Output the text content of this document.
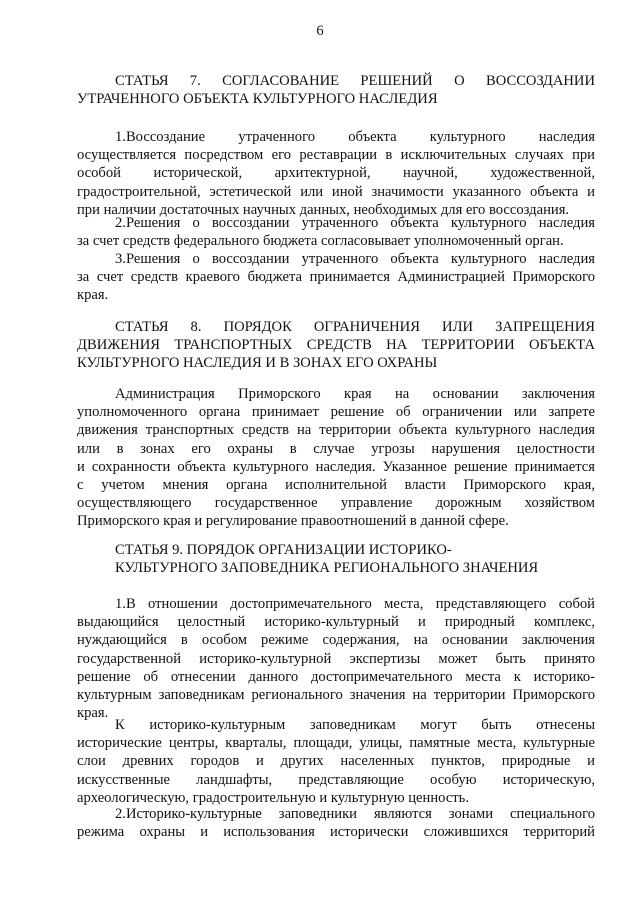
6
СТАТЬЯ 7. СОГЛАСОВАНИЕ РЕШЕНИЙ О ВОССОЗДАНИИ
УТРАЧЕННОГО ОБЪЕКТА КУЛЬТУРНОГО НАСЛЕДИЯ
1.Воссоздание утраченного объекта культурного наследия
осуществляется посредством его реставрации в исключительных случаях при
особой исторической, архитектурной, научной, художественной,
градостроительной, эстетической или иной значимости указанного объекта и
при наличии достаточных научных данных, необходимых для его воссоздания.
2.Решения о воссоздании утраченного объекта культурного наследия
за счет средств федерального бюджета согласовывает уполномоченный орган.
3.Решения о воссоздании утраченного объекта культурного наследия
за счет средств краевого бюджета принимается Администрацией Приморского
края.
СТАТЬЯ 8. ПОРЯДОК ОГРАНИЧЕНИЯ ИЛИ ЗАПРЕЩЕНИЯ
ДВИЖЕНИЯ ТРАНСПОРТНЫХ СРЕДСТВ НА ТЕРРИТОРИИ ОБЪЕКТА
КУЛЬТУРНОГО НАСЛЕДИЯ И В ЗОНАХ ЕГО ОХРАНЫ
Администрация Приморского края на основании заключения
уполномоченного органа принимает решение об ограничении или запрете
движения транспортных средств на территории объекта культурного наследия
или в зонах его охраны в случае угрозы нарушения целостности
и сохранности объекта культурного наследия. Указанное решение принимается
с учетом мнения органа исполнительной власти Приморского края,
осуществляющего государственное управление дорожным хозяйством
Приморского края и регулирование правоотношений в данной сфере.
СТАТЬЯ 9. ПОРЯДОК ОРГАНИЗАЦИИ ИСТОРИКО-
КУЛЬТУРНОГО ЗАПОВЕДНИКА РЕГИОНАЛЬНОГО ЗНАЧЕНИЯ
1.В отношении достопримечательного места, представляющего собой
выдающийся целостный историко-культурный и природный комплекс,
нуждающийся в особом режиме содержания, на основании заключения
государственной историко-культурной экспертизы может быть принято
решение об отнесении данного достопримечательного места к историко-
культурным заповедникам регионального значения на территории Приморского
края.
К историко-культурным заповедникам могут быть отнесены
исторические центры, кварталы, площади, улицы, памятные места, культурные
слои древних городов и других населенных пунктов, природные и
искусственные ландшафты, представляющие особую историческую,
археологическую, градостроительную и культурную ценность.
2.Историко-культурные заповедники являются зонами специального
режима охраны и использования исторически сложившихся территорий
